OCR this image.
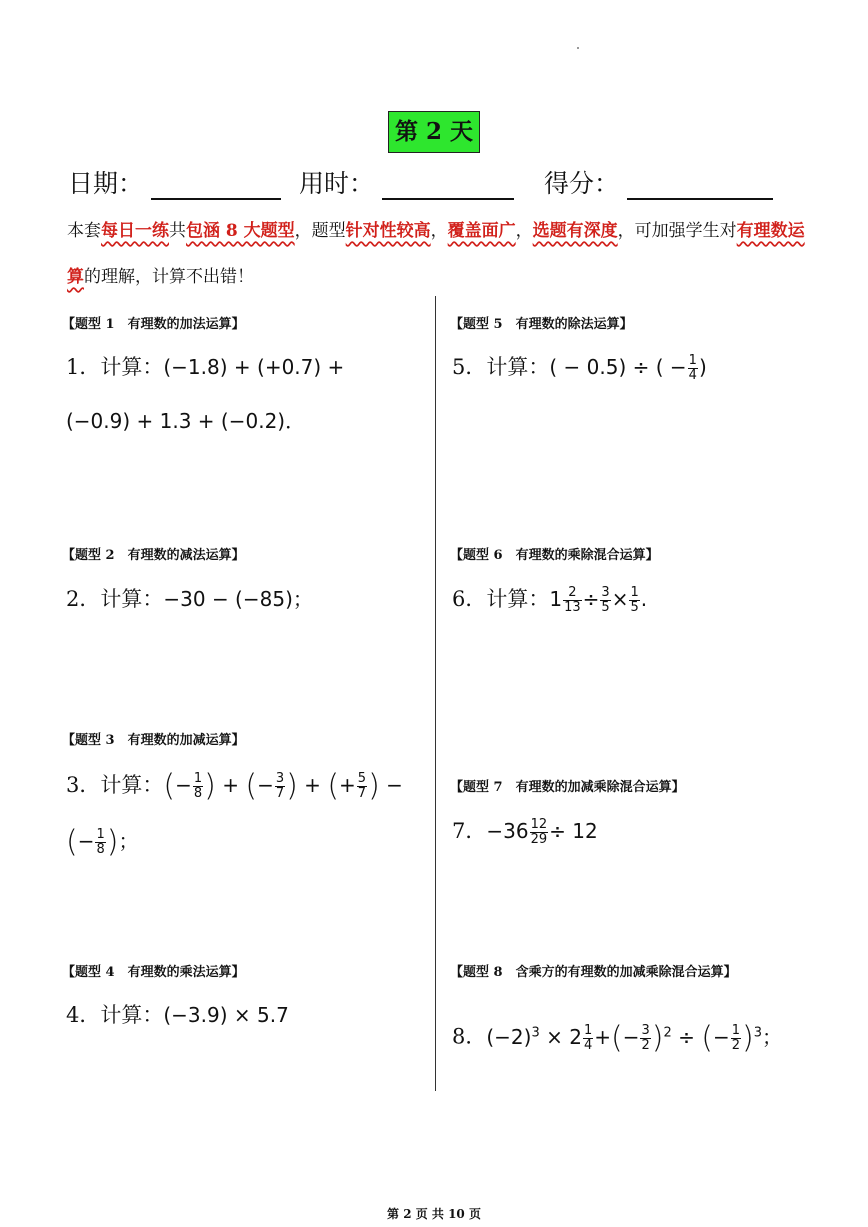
第 2 天
日期：	用时：	得分：
本套每日一练共包涵 8 大题型，题型针对性较高，覆盖面广，选题有深度，可加强学生对有理数运算的理解，计算不出错！
【题型 1　有理数的加法运算】
1．计算：(−1.8) + (+0.7) +
(−0.9) + 1.3 + (−0.2)．
【题型 2　有理数的减法运算】
2．计算：−30 − (−85)；
【题型 3　有理数的加减运算】
3．计算：(− $\frac{1}{8}$ ) + (− $\frac{3}{7}$ ) + (+ $\frac{5}{7}$ ) −
(− $\frac{1}{8}$ )；
【题型 4　有理数的乘法运算】
4．计算：(−3.9) × 5.7
【题型 5　有理数的除法运算】
5．计算：( − 0.5) ÷ ( − $\frac{1}{4}$ )
【题型 6　有理数的乘除混合运算】
6．计算：$1 \frac{2}{13} \div \frac{3}{5} \times \frac{1}{5}$ .
【题型 7　有理数的加减乘除混合运算】
7．$-36 \frac{12}{29} \div 12$
【题型 8　含乘方的有理数的加减乘除混合运算】
8．$(-2)^3 \times 2 \frac{1}{4}$ +(− $\frac{3}{2} )^2$ ÷ (− $\frac{1}{2} )^3$；
第 2 页 共 10 页
